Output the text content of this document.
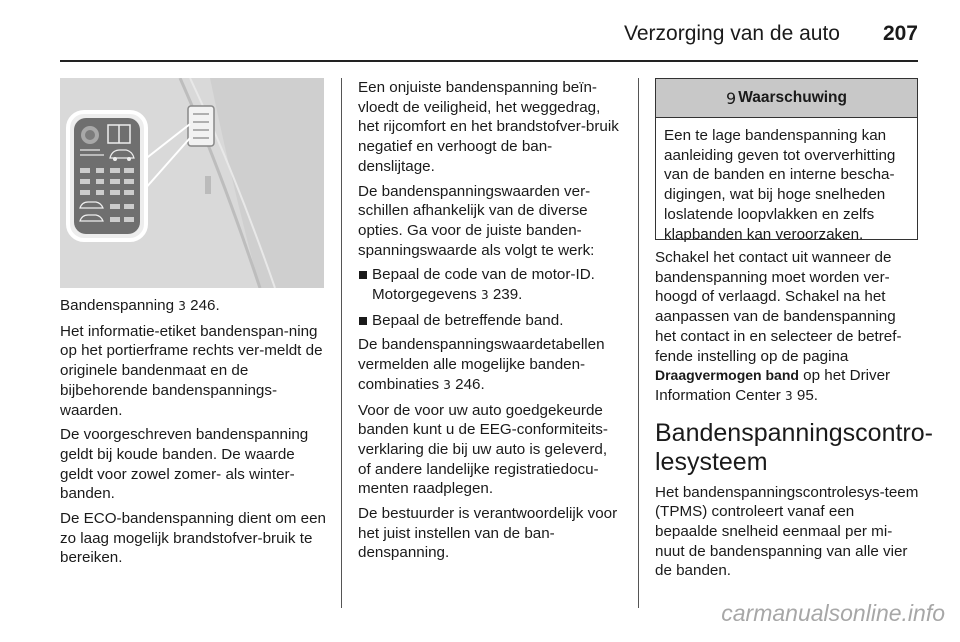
Verzorging van de auto	207

Bandenspanning 3 246.

Het informatie-etiket bandenspan-ning op het portierframe rechts ver-meldt de originele bandenmaat en de bijbehorende bandenspannings-waarden.

De voorgeschreven bandenspanning geldt bij koude banden. De waarde geldt voor zowel zomer- als winter-banden.

De ECO-bandenspanning dient om een zo laag mogelijk brandstofver-bruik te bereiken.

Een onjuiste bandenspanning beïn-vloedt de veiligheid, het weggedrag, het rijcomfort en het brandstofver-bruik negatief en verhoogt de ban-denslijtage.

De bandenspanningswaarden ver-schillen afhankelijk van de diverse opties. Ga voor de juiste banden-spanningswaarde als volgt te werk:

Bepaal de code van de motor-ID. Motorgegevens 3 239.
Bepaal de betreffende band.

De bandenspanningswaardetabellen vermelden alle mogelijke banden-combinaties 3 246.

Voor de voor uw auto goedgekeurde banden kunt u de EEG-conformiteits-verklaring die bij uw auto is geleverd, of andere landelijke registratiedocu-menten raadplegen.

De bestuurder is verantwoordelijk voor het juist instellen van de ban-denspanning.

9 Waarschuwing
Een te lage bandenspanning kan aanleiding geven tot oververhitting van de banden en interne bescha-digingen, wat bij hoge snelheden loslatende loopvlakken en zelfs klapbanden kan veroorzaken.

Schakel het contact uit wanneer de bandenspanning moet worden ver-hoogd of verlaagd. Schakel na het aanpassen van de bandenspanning het contact in en selecteer de betref-fende instelling op de pagina Draagvermogen band op het Driver Information Center 3 95.

Bandenspanningscontro-lesysteem

Het bandenspanningscontrolesys-teem (TPMS) controleert vanaf een bepaalde snelheid eenmaal per mi-nuut de bandenspanning van alle vier de banden.

carmanualsonline.info
